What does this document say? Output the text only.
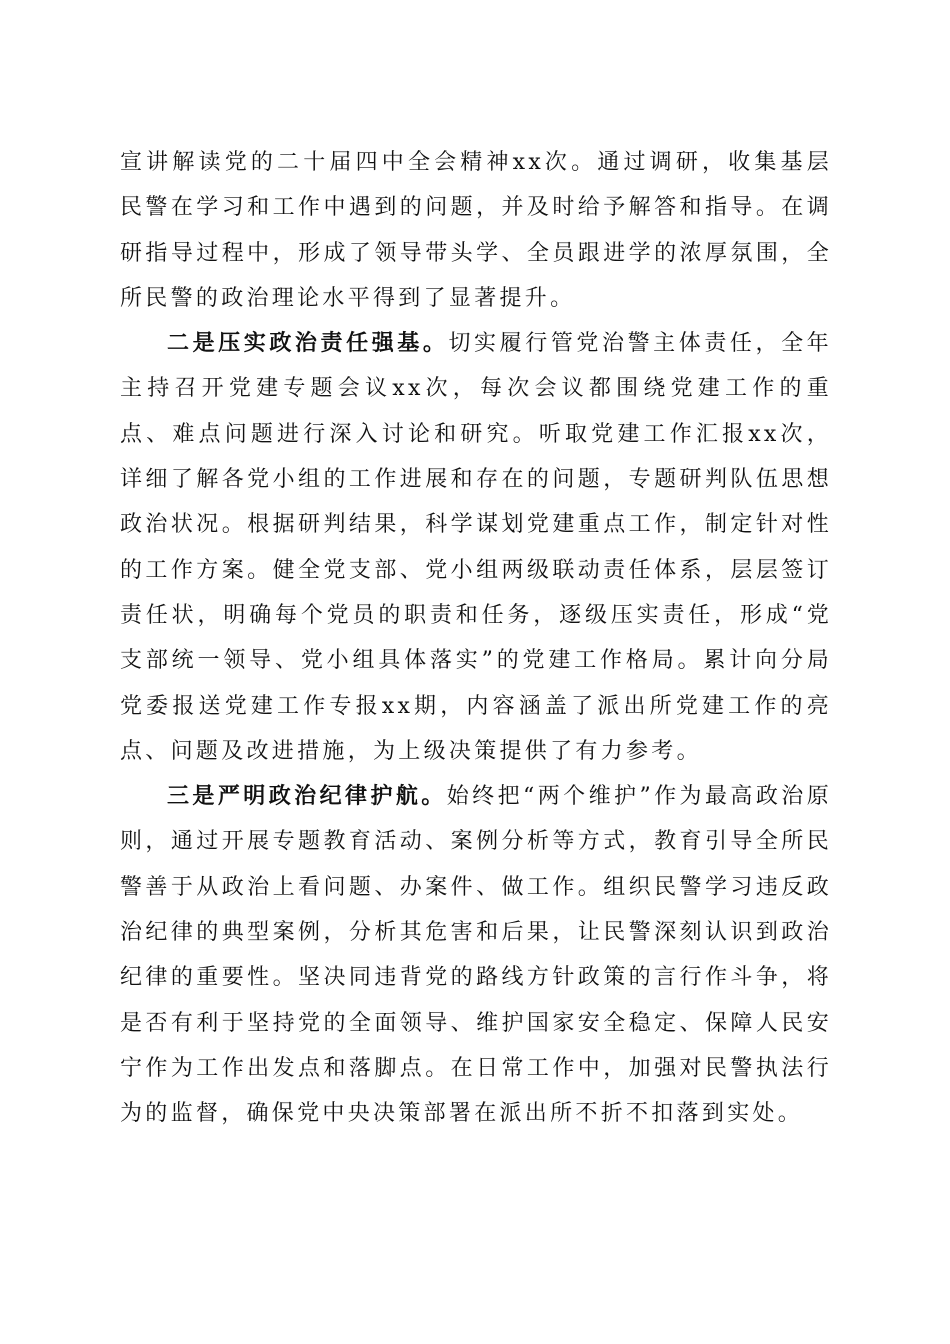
宣讲解读党的二十届四中全会精神xx次。通过调研，收集基层民警在学习和工作中遇到的问题，并及时给予解答和指导。在调研指导过程中，形成了领导带头学、全员跟进学的浓厚氛围，全所民警的政治理论水平得到了显著提升。

二是压实政治责任强基。切实履行管党治警主体责任，全年主持召开党建专题会议xx次，每次会议都围绕党建工作的重点、难点问题进行深入讨论和研究。听取党建工作汇报xx次，详细了解各党小组的工作进展和存在的问题，专题研判队伍思想政治状况。根据研判结果，科学谋划党建重点工作，制定针对性的工作方案。健全党支部、党小组两级联动责任体系，层层签订责任状，明确每个党员的职责和任务，逐级压实责任，形成“党支部统一领导、党小组具体落实”的党建工作格局。累计向分局党委报送党建工作专报xx期，内容涵盖了派出所党建工作的亮点、问题及改进措施，为上级决策提供了有力参考。

三是严明政治纪律护航。始终把“两个维护”作为最高政治原则，通过开展专题教育活动、案例分析等方式，教育引导全所民警善于从政治上看问题、办案件、做工作。组织民警学习违反政治纪律的典型案例，分析其危害和后果，让民警深刻认识到政治纪律的重要性。坚决同违背党的路线方针政策的言行作斗争，将是否有利于坚持党的全面领导、维护国家安全稳定、保障人民安宁作为工作出发点和落脚点。在日常工作中，加强对民警执法行为的监督，确保党中央决策部署在派出所不折不扣落到实处。
